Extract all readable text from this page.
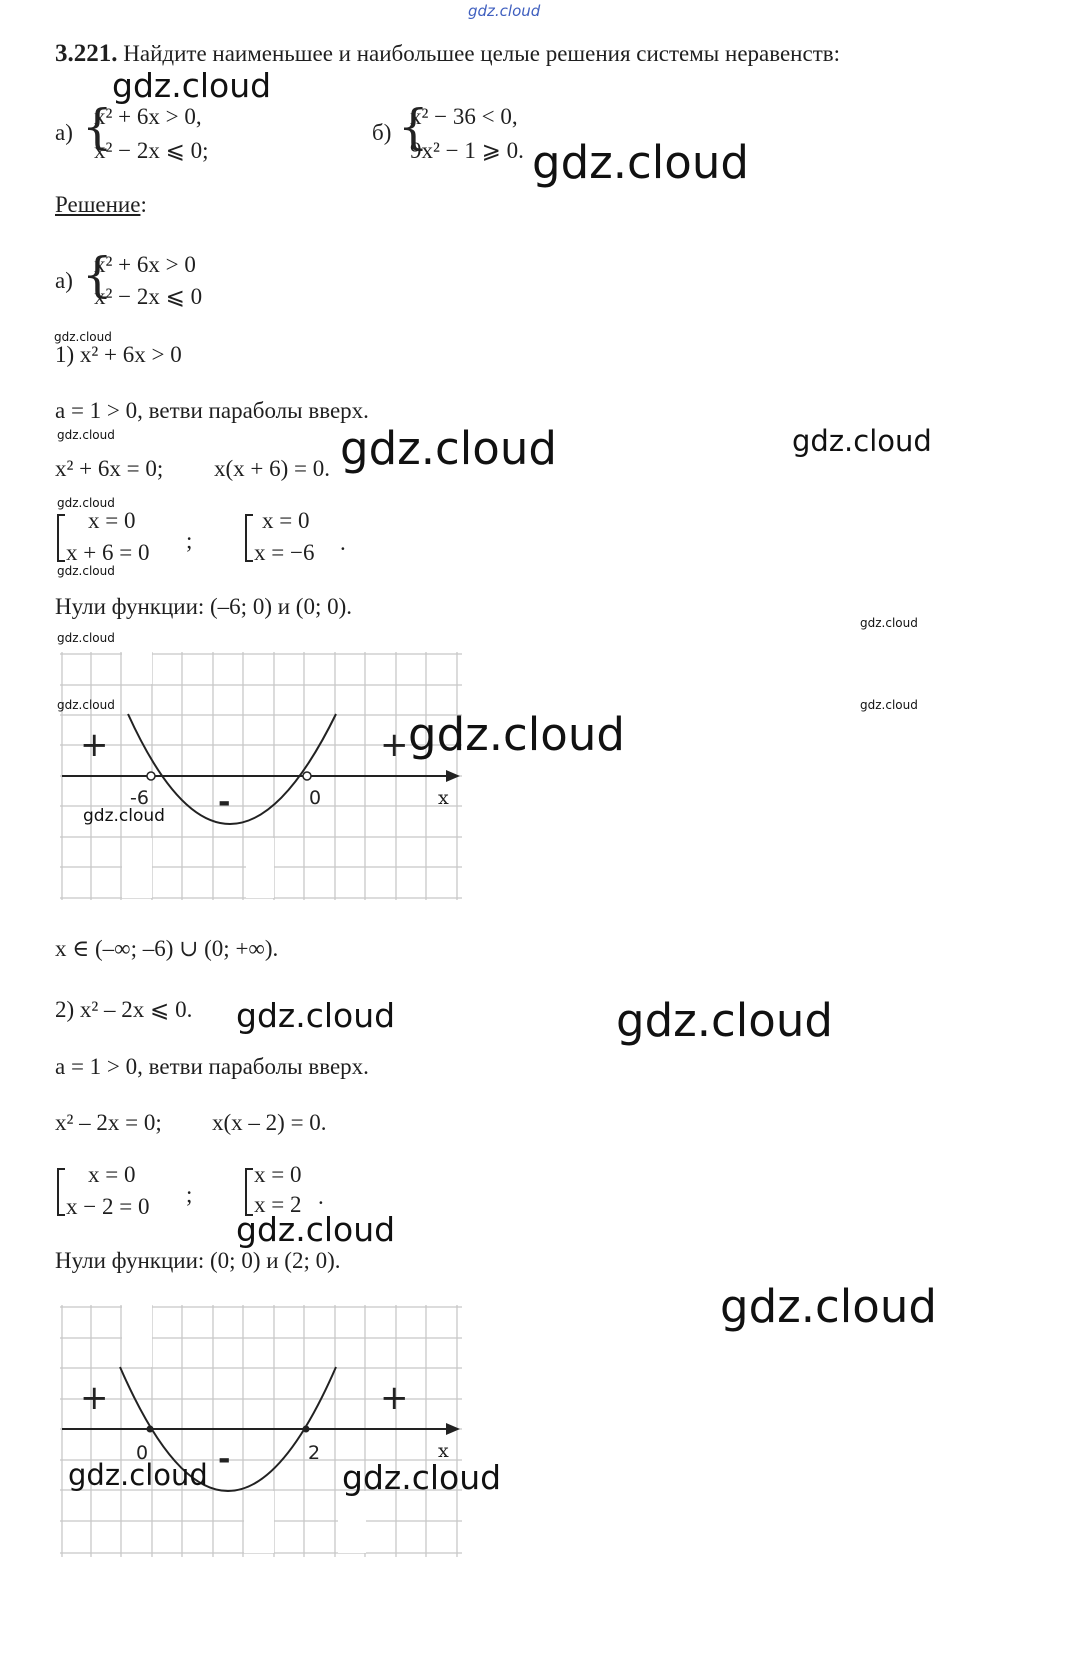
gdz.cloud
3.221. Найдите наименьшее и наибольшее целые решения системы неравенств:
gdz.cloud
а) {
x² + 6x > 0,
x² − 2x ⩽ 0;
б) {
x² − 36 < 0,
9x² − 1 ⩾ 0. gdz.cloud
Решение:
а) {
x² + 6x > 0
x² − 2x ⩽ 0
gdz.cloud
1) x² + 6x > 0
a = 1 > 0, ветви параболы вверх.
gdz.cloud	gdz.cloud	gdz.cloud
x² + 6x = 0; x(x + 6) = 0.
gdz.cloud
x = 0
x + 6 = 0 ;
x = 0
x = −6 .
gdz.cloud
Нули функции: (–6; 0) и (0; 0).
gdz.cloud
gdz.cloud
+	+
-	x
-6	0
gdz.cloud	gdz.cloud
gdz.cloud
gdz.cloud
x ∈ (–∞; –6) ∪ (0; +∞).
2) x² – 2x ⩽ 0. gdz.cloud	gdz.cloud
a = 1 > 0, ветви параболы вверх.
x² – 2x = 0; x(x – 2) = 0.
x = 0
x − 2 = 0 ;
x = 0
x = 2 .
gdz.cloud
Нули функции: (0; 0) и (2; 0).
gdz.cloud
+	+
-	x
0	2
gdz.cloud	gdz.cloud
